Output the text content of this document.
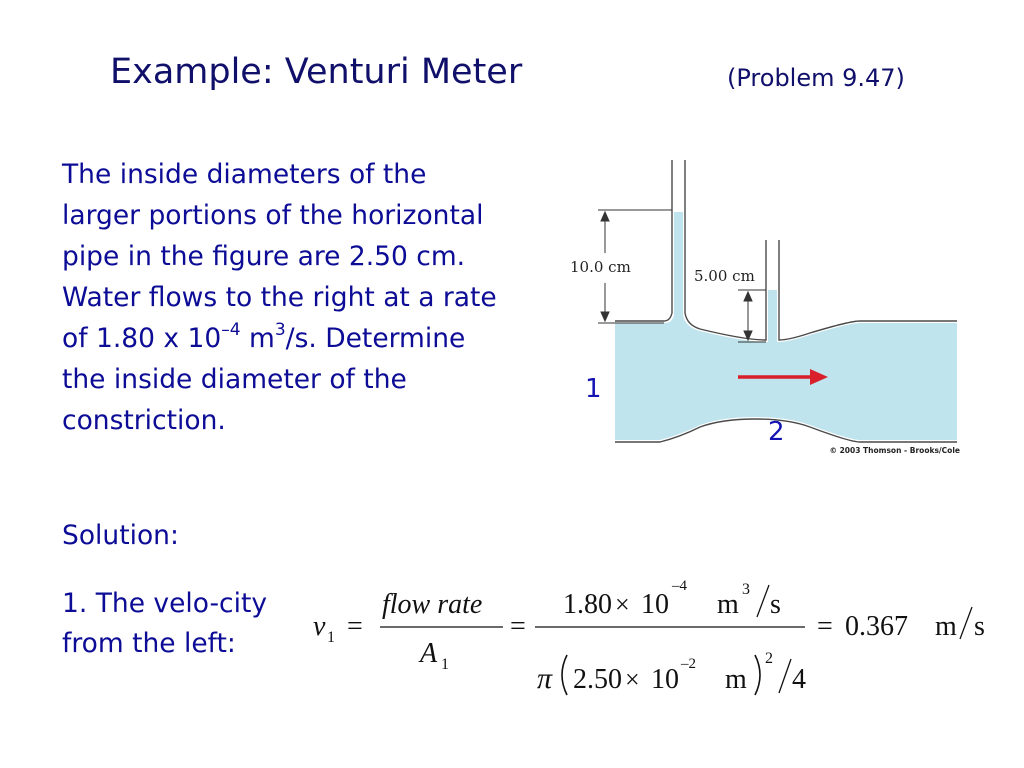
Example: Venturi Meter	(Problem 9.47)
The inside diameters of the larger portions of the horizontal pipe in the figure are 2.50 cm. Water flows to the right at a rate of 1.80 x $10^{-4}$ $m^3/s$. Determine the inside diameter of the constriction.
Solution:
1. The velo-city from the left:
10.0 cm	5.00 cm
1
2
© 2003 Thomson - Brooks/Cole
v 1 =
flow rate
A 1
=
1.80 × 10
–4
m 3 s
π 2.50 × 10 –2 m
2
4
= 0.367 m s
